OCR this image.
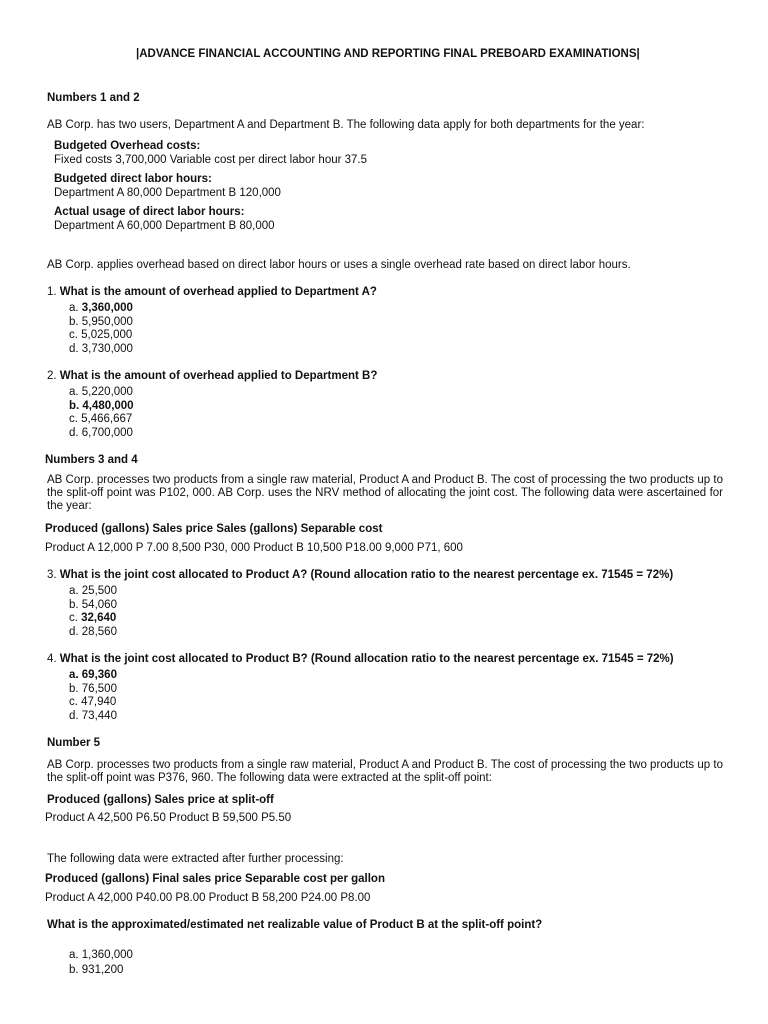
|ADVANCE FINANCIAL ACCOUNTING AND REPORTING FINAL PREBOARD EXAMINATIONS|
Numbers 1 and 2
AB Corp. has two users, Department A and Department B. The following data apply for both departments for the year:
Budgeted Overhead costs:
Fixed costs 3,700,000 Variable cost per direct labor hour 37.5
Budgeted direct labor hours:
Department A 80,000 Department B 120,000
Actual usage of direct labor hours:
Department A 60,000 Department B 80,000
AB Corp. applies overhead based on direct labor hours or uses a single overhead rate based on direct labor hours.
1. What is the amount of overhead applied to Department A?
a. 3,360,000
b. 5,950,000
c. 5,025,000
d. 3,730,000
2. What is the amount of overhead applied to Department B?
a. 5,220,000
b. 4,480,000
c. 5,466,667
d. 6,700,000
Numbers 3 and 4
AB Corp. processes two products from a single raw material, Product A and Product B. The cost of processing the two products up to the split-off point was P102, 000. AB Corp. uses the NRV method of allocating the joint cost. The following data were ascertained for the year:
Produced (gallons) Sales price Sales (gallons) Separable cost
Product A 12,000 P 7.00 8,500 P30, 000 Product B 10,500 P18.00 9,000 P71, 600
3. What is the joint cost allocated to Product A? (Round allocation ratio to the nearest percentage ex. 71545 = 72%)
a. 25,500
b. 54,060
c. 32,640
d. 28,560
4. What is the joint cost allocated to Product B? (Round allocation ratio to the nearest percentage ex. 71545 = 72%)
a. 69,360
b. 76,500
c. 47,940
d. 73,440
Number 5
AB Corp. processes two products from a single raw material, Product A and Product B. The cost of processing the two products up to the split-off point was P376, 960. The following data were extracted at the split-off point:
Produced (gallons) Sales price at split-off
Product A 42,500 P6.50 Product B 59,500 P5.50
The following data were extracted after further processing:
Produced (gallons) Final sales price Separable cost per gallon
Product A 42,000 P40.00 P8.00 Product B 58,200 P24.00 P8.00
What is the approximated/estimated net realizable value of Product B at the split-off point?
a. 1,360,000
b. 931,200
